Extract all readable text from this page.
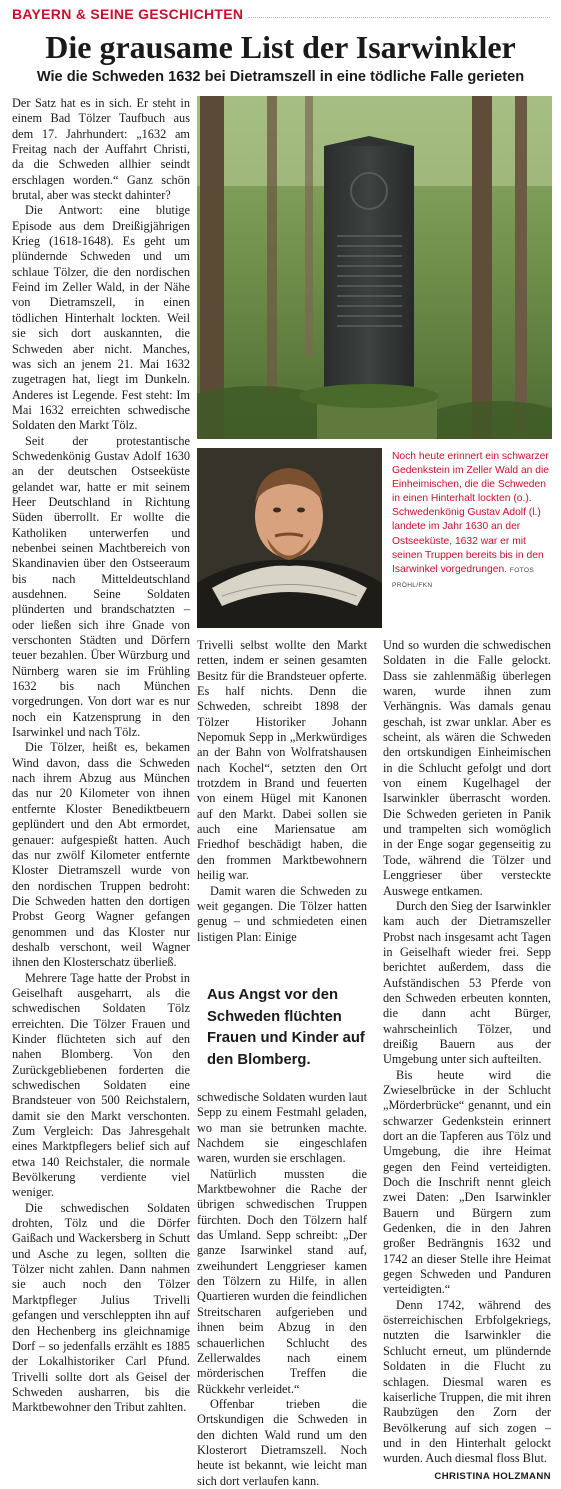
BAYERN & SEINE GESCHICHTEN
Die grausame List der Isarwinkler
Wie die Schweden 1632 bei Dietramszell in eine tödliche Falle gerieten

Der Satz hat es in sich. Er steht in einem Bad Tölzer Taufbuch aus dem 17. Jahrhundert: „1632 am Freitag nach der Auffahrt Christi, da die Schweden allhier seindt erschlagen worden.“ Ganz schön brutal, aber was steckt dahinter?

Die Antwort: eine blutige Episode aus dem Dreißigjährigen Krieg (1618-1648). Es geht um plündernde Schweden und um schlaue Tölzer, die den nordischen Feind im Zeller Wald, in der Nähe von Dietramszell, in einen tödlichen Hinterhalt lockten. Weil sie sich dort auskannten, die Schweden aber nicht. Manches, was sich an jenem 21. Mai 1632 zugetragen hat, liegt im Dunkeln. Anderes ist Legende. Fest steht: Im Mai 1632 erreichten schwedische Soldaten den Markt Tölz.

Seit der protestantische Schwedenkönig Gustav Adolf 1630 an der deutschen Ostseeküste gelandet war, hatte er mit seinem Heer Deutschland in Richtung Süden überrollt. Er wollte die Katholiken unterwerfen und nebenbei seinen Machtbereich von Skandinavien über den Ostseeraum bis nach Mitteldeutschland ausdehnen. Seine Soldaten plünderten und brandschatzten – oder ließen sich ihre Gnade von verschonten Städten und Dörfern teuer bezahlen. Über Würzburg und Nürnberg waren sie im Frühling 1632 bis nach München vorgedrungen. Von dort war es nur noch ein Katzensprung in den Isarwinkel und nach Tölz.

Die Tölzer, heißt es, bekamen Wind davon, dass die Schweden nach ihrem Abzug aus München das nur 20 Kilometer von ihnen entfernte Kloster Benediktbeuern geplündert und den Abt ermordet, genauer: aufgespießt hatten. Auch das nur zwölf Kilometer entfernte Kloster Dietramszell wurde von den nordischen Truppen bedroht: Die Schweden hatten den dortigen Probst Georg Wagner gefangen genommen und das Kloster nur deshalb verschont, weil Wagner ihnen den Klosterschatz überließ.

Mehrere Tage hatte der Probst in Geiselhaft ausgeharrt, als die schwedischen Soldaten Tölz erreichten. Die Tölzer Frauen und Kinder flüchteten sich auf den nahen Blomberg. Von den Zurückgebliebenen forderten die schwedischen Soldaten eine Brandsteuer von 500 Reichstalern, damit sie den Markt verschonten. Zum Vergleich: Das Jahresgehalt eines Marktpflegers belief sich auf etwa 140 Reichstaler, die normale Bevölkerung verdiente viel weniger.

Die schwedischen Soldaten drohten, Tölz und die Dörfer Gaißach und Wackersberg in Schutt und Asche zu legen, sollten die Tölzer nicht zahlen. Dann nahmen sie auch noch den Tölzer Marktpfleger Julius Trivelli gefangen und verschleppten ihn auf den Hechenberg ins gleichnamige Dorf – so jedenfalls erzählt es 1885 der Lokalhistoriker Carl Pfund. Trivelli sollte dort als Geisel der Schweden ausharren, bis die Marktbewohner den Tribut zahlten.

Noch heute erinnert ein schwarzer Gedenkstein im Zeller Wald an die Einheimischen, die die Schweden in einen Hinterhalt lockten (o.). Schwedenkönig Gustav Adolf (l.) landete im Jahr 1630 an der Ostseeküste, 1632 war er mit seinen Truppen bereits bis in den Isarwinkel vorgedrungen. FOTOS PRÖHL/FKN

Trivelli selbst wollte den Markt retten, indem er seinen gesamten Besitz für die Brandsteuer opferte. Es half nichts. Denn die Schweden, schreibt 1898 der Tölzer Historiker Johann Nepomuk Sepp in „Merkwürdiges an der Bahn von Wolfratshausen nach Kochel“, setzten den Ort trotzdem in Brand und feuerten von einem Hügel mit Kanonen auf den Markt. Dabei sollen sie auch eine Mariensatue am Friedhof beschädigt haben, die den frommen Marktbewohnern heilig war.

Damit waren die Schweden zu weit gegangen. Die Tölzer hatten genug – und schmiedeten einen listigen Plan: Einige

Aus Angst vor den Schweden flüchten Frauen und Kinder auf den Blomberg.

schwedische Soldaten wurden laut Sepp zu einem Festmahl geladen, wo man sie betrunken machte. Nachdem sie eingeschlafen waren, wurden sie erschlagen.

Natürlich mussten die Marktbewohner die Rache der übrigen schwedischen Truppen fürchten. Doch den Tölzern half das Umland. Sepp schreibt: „Der ganze Isarwinkel stand auf, zweihundert Lenggrieser kamen den Tölzern zu Hilfe, in allen Quartieren wurden die feindlichen Streitscharen aufgerieben und ihnen beim Abzug in den schauerlichen Schlucht des Zellerwaldes nach einem mörderischen Treffen die Rückkehr verleidet.“

Offenbar trieben die Ortskundigen die Schweden in den dichten Wald rund um den Klosterort Dietramszell. Noch heute ist bekannt, wie leicht man sich dort verlaufen kann.

Und so wurden die schwedischen Soldaten in die Falle gelockt. Dass sie zahlenmäßig überlegen waren, wurde ihnen zum Verhängnis. Was damals genau geschah, ist zwar unklar. Aber es scheint, als wären die Schweden den ortskundigen Einheimischen in die Schlucht gefolgt und dort von einem Kugelhagel der Isarwinkler überrascht worden. Die Schweden gerieten in Panik und trampelten sich womöglich in der Enge sogar gegenseitig zu Tode, während die Tölzer und Lenggrieser über versteckte Auswege entkamen.

Durch den Sieg der Isarwinkler kam auch der Dietramszeller Probst nach insgesamt acht Tagen in Geiselhaft wieder frei. Sepp berichtet außerdem, dass die Aufständischen 53 Pferde von den Schweden erbeuten konnten, die dann acht Bürger, wahrscheinlich Tölzer, und dreißig Bauern aus der Umgebung unter sich aufteilten.

Bis heute wird die Zwieselbrücke in der Schlucht „Mörderbrücke“ genannt, und ein schwarzer Gedenkstein erinnert dort an die Tapferen aus Tölz und Umgebung, die ihre Heimat gegen den Feind verteidigten. Doch die Inschrift nennt gleich zwei Daten: „Den Isarwinkler Bauern und Bürgern zum Gedenken, die in den Jahren großer Bedrängnis 1632 und 1742 an dieser Stelle ihre Heimat gegen Schweden und Panduren verteidigten.“

Denn 1742, während des österreichischen Erbfolgekriegs, nutzten die Isarwinkler die Schlucht erneut, um plündernde Soldaten in die Flucht zu schlagen. Diesmal waren es kaiserliche Truppen, die mit ihren Raubzügen den Zorn der Bevölkerung auf sich zogen – und in den Hinterhalt gelockt wurden. Auch diesmal floss Blut.

CHRISTINA HOLZMANN
